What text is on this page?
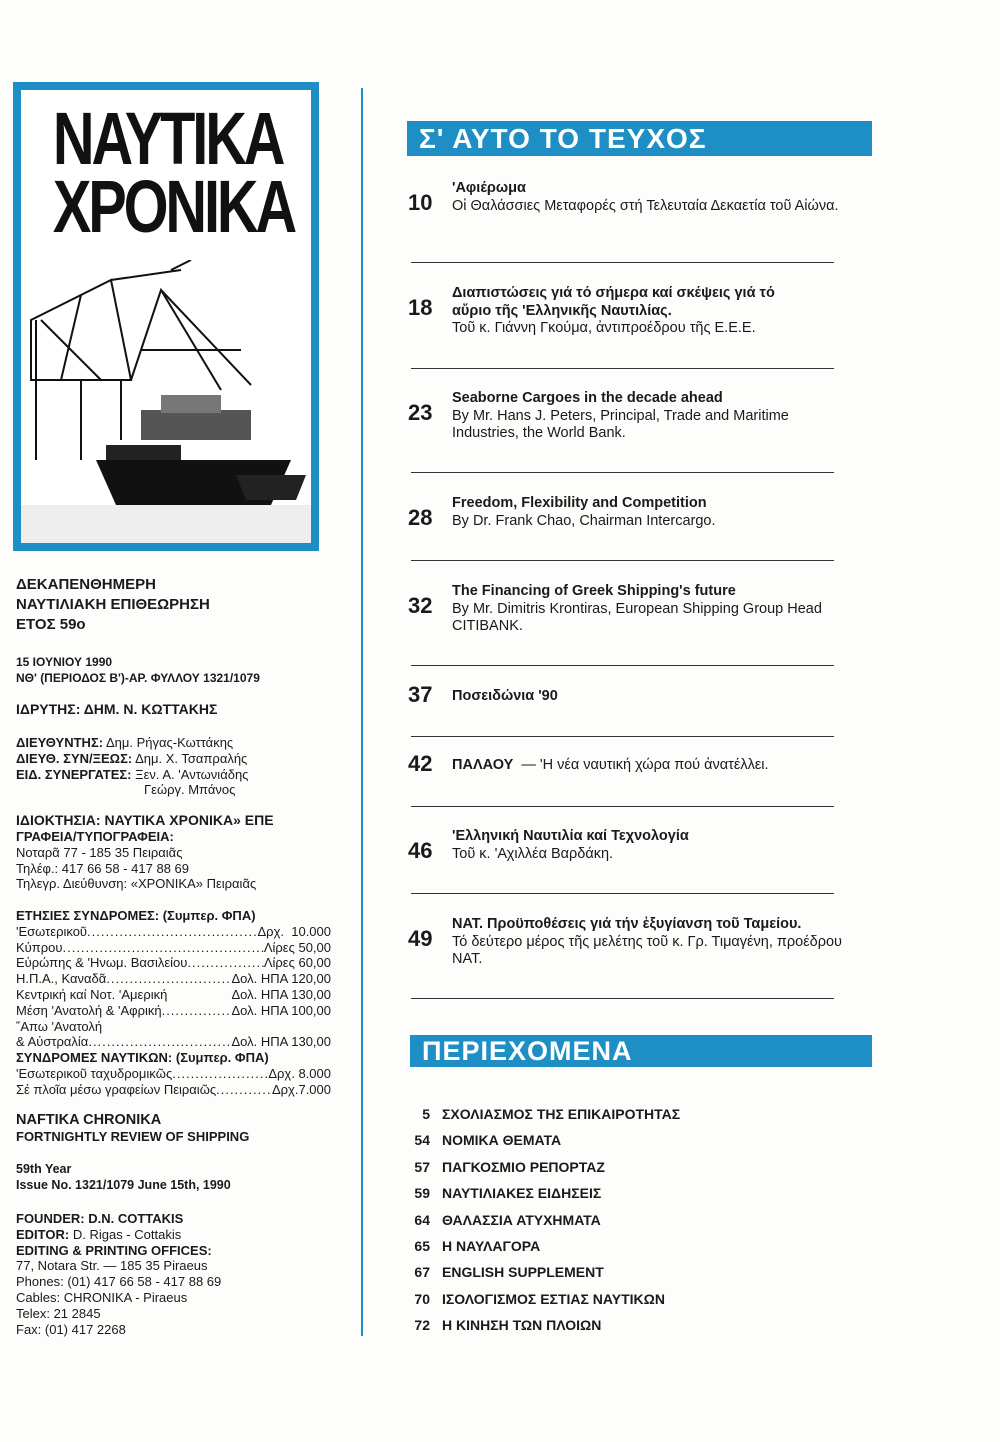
ΝΑΥΤΙΚΑ
ΧΡΟΝΙΚΑ
ΔΕΚΑΠΕΝΘΗΜΕΡΗ
ΝΑΥΤΙΛΙΑΚΗ ΕΠΙΘΕΩΡΗΣΗ
ΕΤΟΣ 59ο
15 ΙΟΥΝΙΟΥ 1990
ΝΘ' (ΠΕΡΙΟΔΟΣ Β')-ΑΡ. ΦΥΛΛΟΥ 1321/1079
ΙΔΡΥΤΗΣ: ΔΗΜ. Ν. ΚΩΤΤΑΚΗΣ
ΔΙΕΥΘΥΝΤΗΣ: Δημ. Ρήγας-Κωττάκης
ΔΙΕΥΘ. ΣΥΝ/ΞΕΩΣ: Δημ. Χ. Τσαπραλής
ΕΙΔ. ΣΥΝΕΡΓΑΤΕΣ: Ξεν. Α. 'Αντωνιάδης
Γεώργ. Μπάνος
ΙΔΙΟΚΤΗΣΙΑ: ΝΑΥΤΙΚΑ ΧΡΟΝΙΚΑ» ΕΠΕ
ΓΡΑΦΕΙΑ/ΤΥΠΟΓΡΑΦΕΙΑ:
Νοταρᾶ 77 - 185 35 Πειραιᾶς
Τηλέφ.: 417 66 58 - 417 88 69
Τηλεγρ. Διεύθυνση: «ΧΡΟΝΙΚΑ» Πειραιᾶς
ΕΤΗΣΙΕΣ ΣΥΝΔΡΟΜΕΣ: (Συμπερ. ΦΠΑ)
'Εσωτερικοῦ .....	Δρχ.  10.000
Κύπρου .....	Λίρες 50,00
Εὐρώπης & 'Ηνωμ. Βασιλείου .....	Λίρες 60,00
Η.Π.Α., Καναδᾶ .....	Δολ. ΗΠΑ 120,00
Κεντρική καί Νοτ. 'Αμερική	Δολ. ΗΠΑ 130,00
Μέση 'Ανατολή & 'Αφρική .....	Δολ. ΗΠΑ 100,00
῎Απω 'Ανατολή
& Αὐστραλία .....	Δολ. ΗΠΑ 130,00
ΣΥΝΔΡΟΜΕΣ ΝΑΥΤΙΚΩΝ: (Συμπερ. ΦΠΑ)
'Εσωτερικοῦ ταχυδρομικῶς .....	Δρχ. 8.000
Σέ πλοῖα μέσω γραφείων Πειραιῶς .....	Δρχ.7.000
NAFTIKA CHRONIKA
FORTNIGHTLY REVIEW OF SHIPPING
59th Year
Issue No. 1321/1079 June 15th, 1990
FOUNDER: D.N. COTTAKIS
EDITOR: D. Rigas - Cottakis
EDITING & PRINTING OFFICES:
77, Notara Str. — 185 35 Piraeus
Phones: (01) 417 66 58 - 417 88 69
Cables: CHRONIKA - Piraeus
Telex: 21 2845
Fax: (01) 417 2268
Σ' ΑΥΤΟ ΤΟ ΤΕΥΧΟΣ
10
'Αφιέρωμα
Οἱ Θαλάσσιες Μεταφορές στή Τελευταία Δεκαετία τοῦ Αἰώνα.
18
Διαπιστώσεις γιά τό σήμερα καί σκέψεις γιά τό αὔριο τῆς 'Ελληνικῆς Ναυτιλίας.
Τοῦ κ. Γιάννη Γκούμα, ἀντιπροέδρου τῆς Ε.Ε.Ε.
23
Seaborne Cargoes in the decade ahead
By Mr. Hans J. Peters, Principal, Trade and Maritime Industries, the World Bank.
28
Freedom, Flexibility and Competition
By Dr. Frank Chao, Chairman Intercargo.
32
The Financing of Greek Shipping's future
By Mr. Dimitris Krontiras, European Shipping Group Head CITIBANK.
37 Ποσειδώνια '90
42 ΠΑΛΑΟΥ — 'Η νέα ναυτική χώρα πού ἀνατέλλει.
46
'Ελληνική Ναυτιλία καί Τεχνολογία
Τοῦ κ. 'Αχιλλέα Βαρδάκη.
49
ΝΑΤ. Προϋποθέσεις γιά τήν ἐξυγίανση τοῦ Ταμείου.
Τό δεύτερο μέρος τῆς μελέτης τοῦ κ. Γρ. Τιμαγένη, προέδρου ΝΑΤ.
ΠΕΡΙΕΧΟΜΕΝΑ
5 ΣΧΟΛΙΑΣΜΟΣ ΤΗΣ ΕΠΙΚΑΙΡΟΤΗΤΑΣ
54 ΝΟΜΙΚΑ ΘΕΜΑΤΑ
57 ΠΑΓΚΟΣΜΙΟ ΡΕΠΟΡΤΑΖ
59 ΝΑΥΤΙΛΙΑΚΕΣ ΕΙΔΗΣΕΙΣ
64 ΘΑΛΑΣΣΙΑ ΑΤΥΧΗΜΑΤΑ
65 Η ΝΑΥΛΑΓΟΡΑ
67 ENGLISH SUPPLEMENT
70 ΙΣΟΛΟΓΙΣΜΟΣ ΕΣΤΙΑΣ ΝΑΥΤΙΚΩΝ
72 Η ΚΙΝΗΣΗ ΤΩΝ ΠΛΟΙΩΝ
